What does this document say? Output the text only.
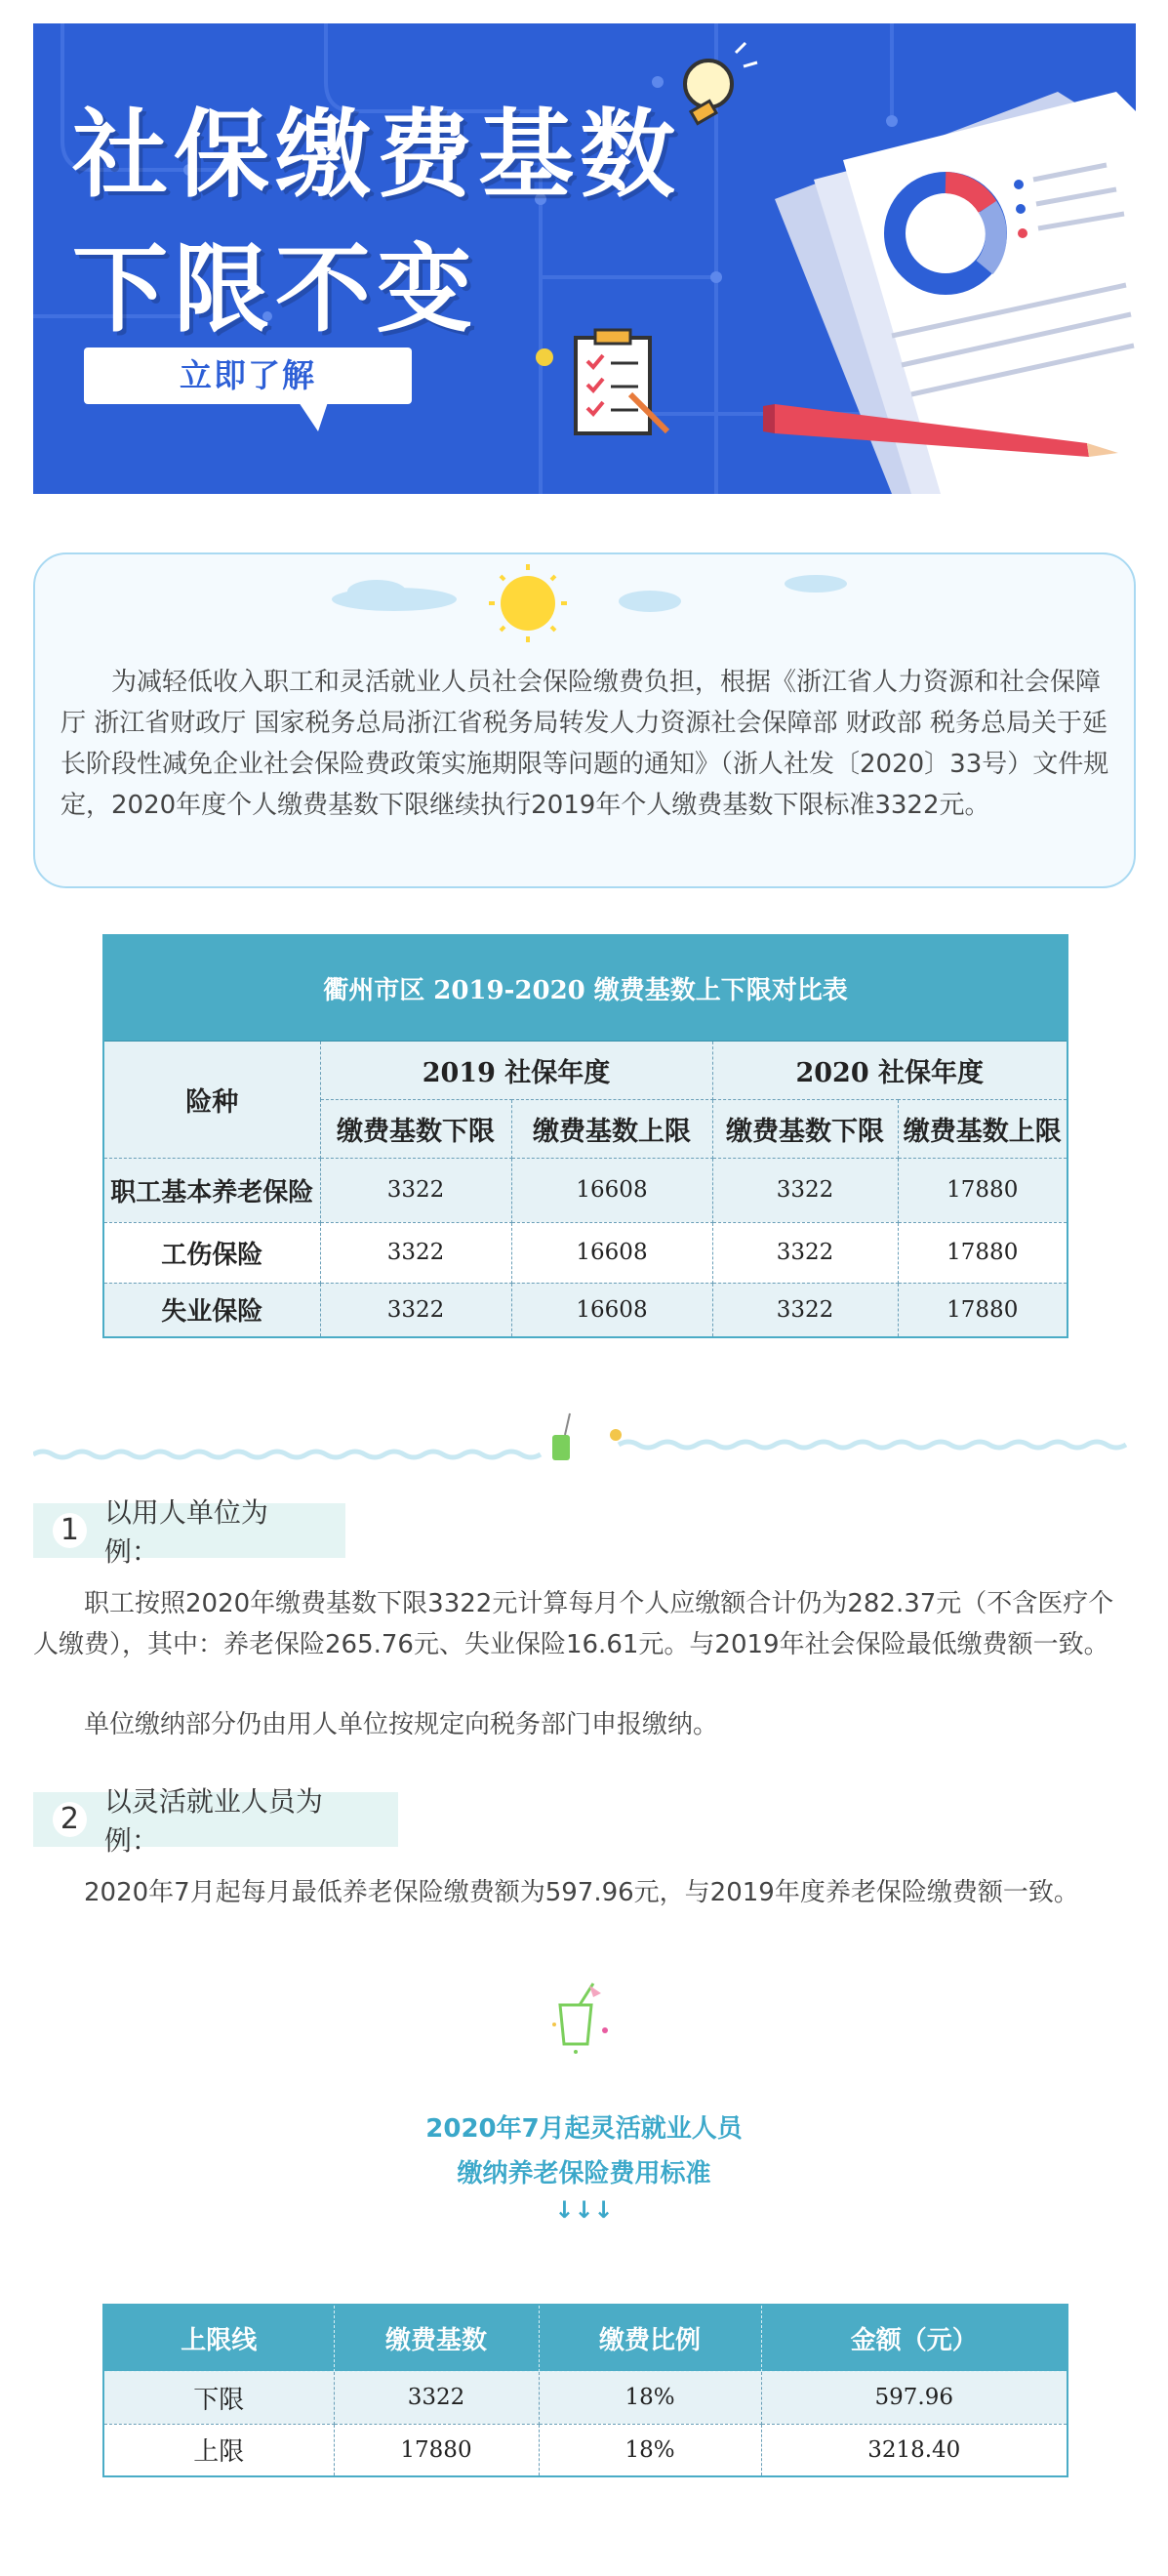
社保缴费基数
下限不变
立即了解
为减轻低收入职工和灵活就业人员社会保险缴费负担，根据《浙江省人力资源和社会保障厅 浙江省财政厅 国家税务总局浙江省税务局转发人力资源社会保障部 财政部 税务总局关于延长阶段性减免企业社会保险费政策实施期限等问题的通知》（浙人社发〔2020〕33号）文件规定，2020年度个人缴费基数下限继续执行2019年个人缴费基数下限标准3322元。
衢州市区 2019-2020 缴费基数上下限对比表				
险种	2019 社保年度		2020 社保年度	
	缴费基数下限	缴费基数上限	缴费基数下限	缴费基数上限
职工基本养老保险	3322	16608	3322	17880
工伤保险	3322	16608	3322	17880
失业保险	3322	16608	3322	17880
1
以用人单位为例：
职工按照2020年缴费基数下限3322元计算每月个人应缴额合计仍为282.37元（不含医疗个人缴费），其中：养老保险265.76元、失业保险16.61元。与2019年社会保险最低缴费额一致。
单位缴纳部分仍由用人单位按规定向税务部门申报缴纳。
2
以灵活就业人员为例：
2020年7月起每月最低养老保险缴费额为597.96元，与2019年度养老保险缴费额一致。
2020年7月起灵活就业人员
缴纳养老保险费用标准
↓↓↓
上限线	缴费基数	缴费比例	金额（元）
下限	3322	18%	597.96
上限	17880	18%	3218.40
